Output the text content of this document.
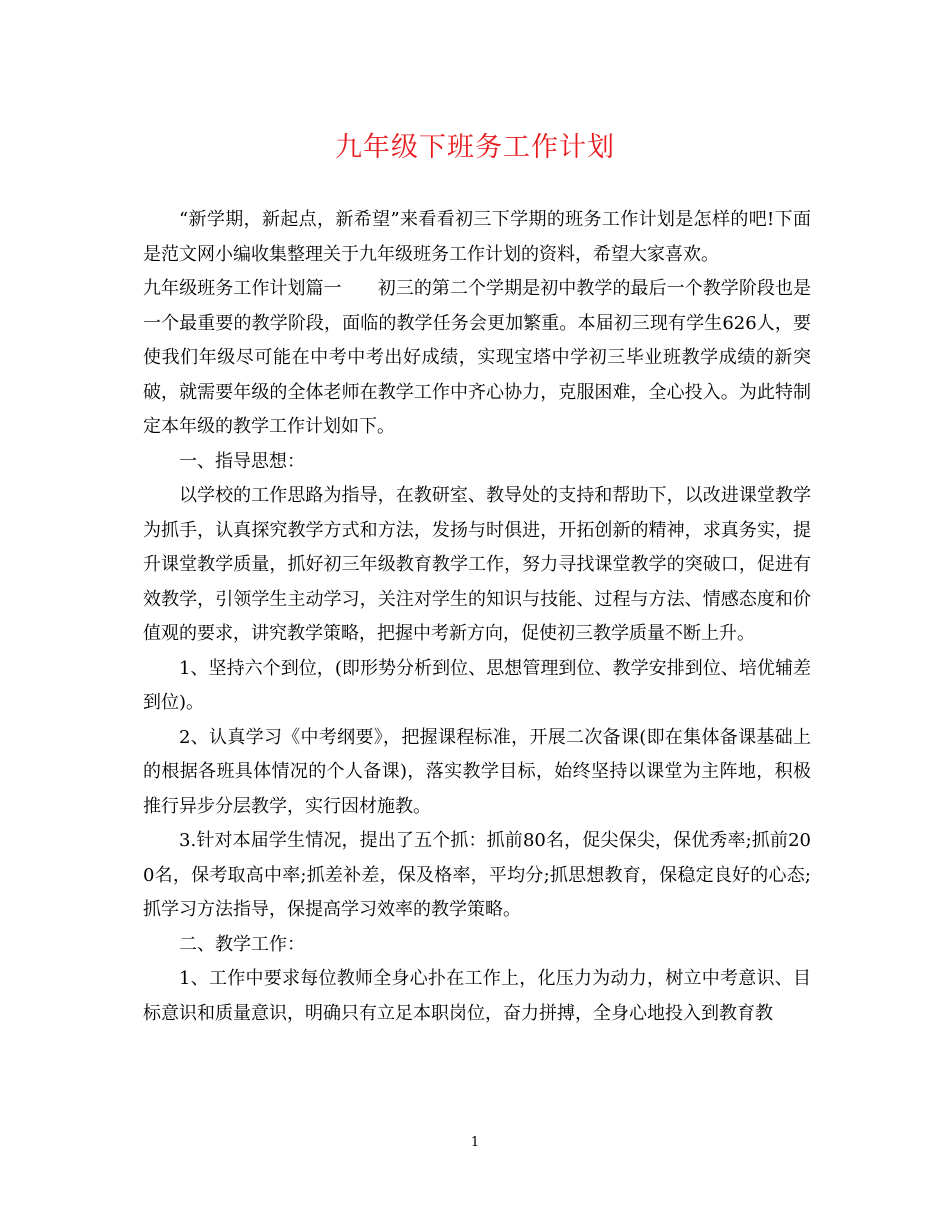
九年级下班务工作计划

“新学期，新起点，新希望”来看看初三下学期的班务工作计划是怎样的吧!下面是范文网小编收集整理关于九年级班务工作计划的资料，希望大家喜欢。

九年级班务工作计划篇一　　初三的第二个学期是初中教学的最后一个教学阶段也是一个最重要的教学阶段，面临的教学任务会更加繁重。本届初三现有学生626人，要使我们年级尽可能在中考中考出好成绩，实现宝塔中学初三毕业班教学成绩的新突破，就需要年级的全体老师在教学工作中齐心协力，克服困难，全心投入。为此特制定本年级的教学工作计划如下。

一、指导思想：

以学校的工作思路为指导，在教研室、教导处的支持和帮助下，以改进课堂教学为抓手，认真探究教学方式和方法，发扬与时俱进，开拓创新的精神，求真务实，提升课堂教学质量，抓好初三年级教育教学工作，努力寻找课堂教学的突破口，促进有效教学，引领学生主动学习，关注对学生的知识与技能、过程与方法、情感态度和价值观的要求，讲究教学策略，把握中考新方向，促使初三教学质量不断上升。

1、坚持六个到位，(即形势分析到位、思想管理到位、教学安排到位、培优辅差到位)。

2、认真学习《中考纲要》，把握课程标准，开展二次备课(即在集体备课基础上的根据各班具体情况的个人备课)，落实教学目标，始终坚持以课堂为主阵地，积极推行异步分层教学，实行因材施教。

3.针对本届学生情况，提出了五个抓：抓前80名，促尖保尖，保优秀率;抓前200名，保考取高中率;抓差补差，保及格率，平均分;抓思想教育，保稳定良好的心态;抓学习方法指导，保提高学习效率的教学策略。

二、教学工作：

1、工作中要求每位教师全身心扑在工作上，化压力为动力，树立中考意识、目标意识和质量意识，明确只有立足本职岗位，奋力拼搏，全身心地投入到教育教

1
